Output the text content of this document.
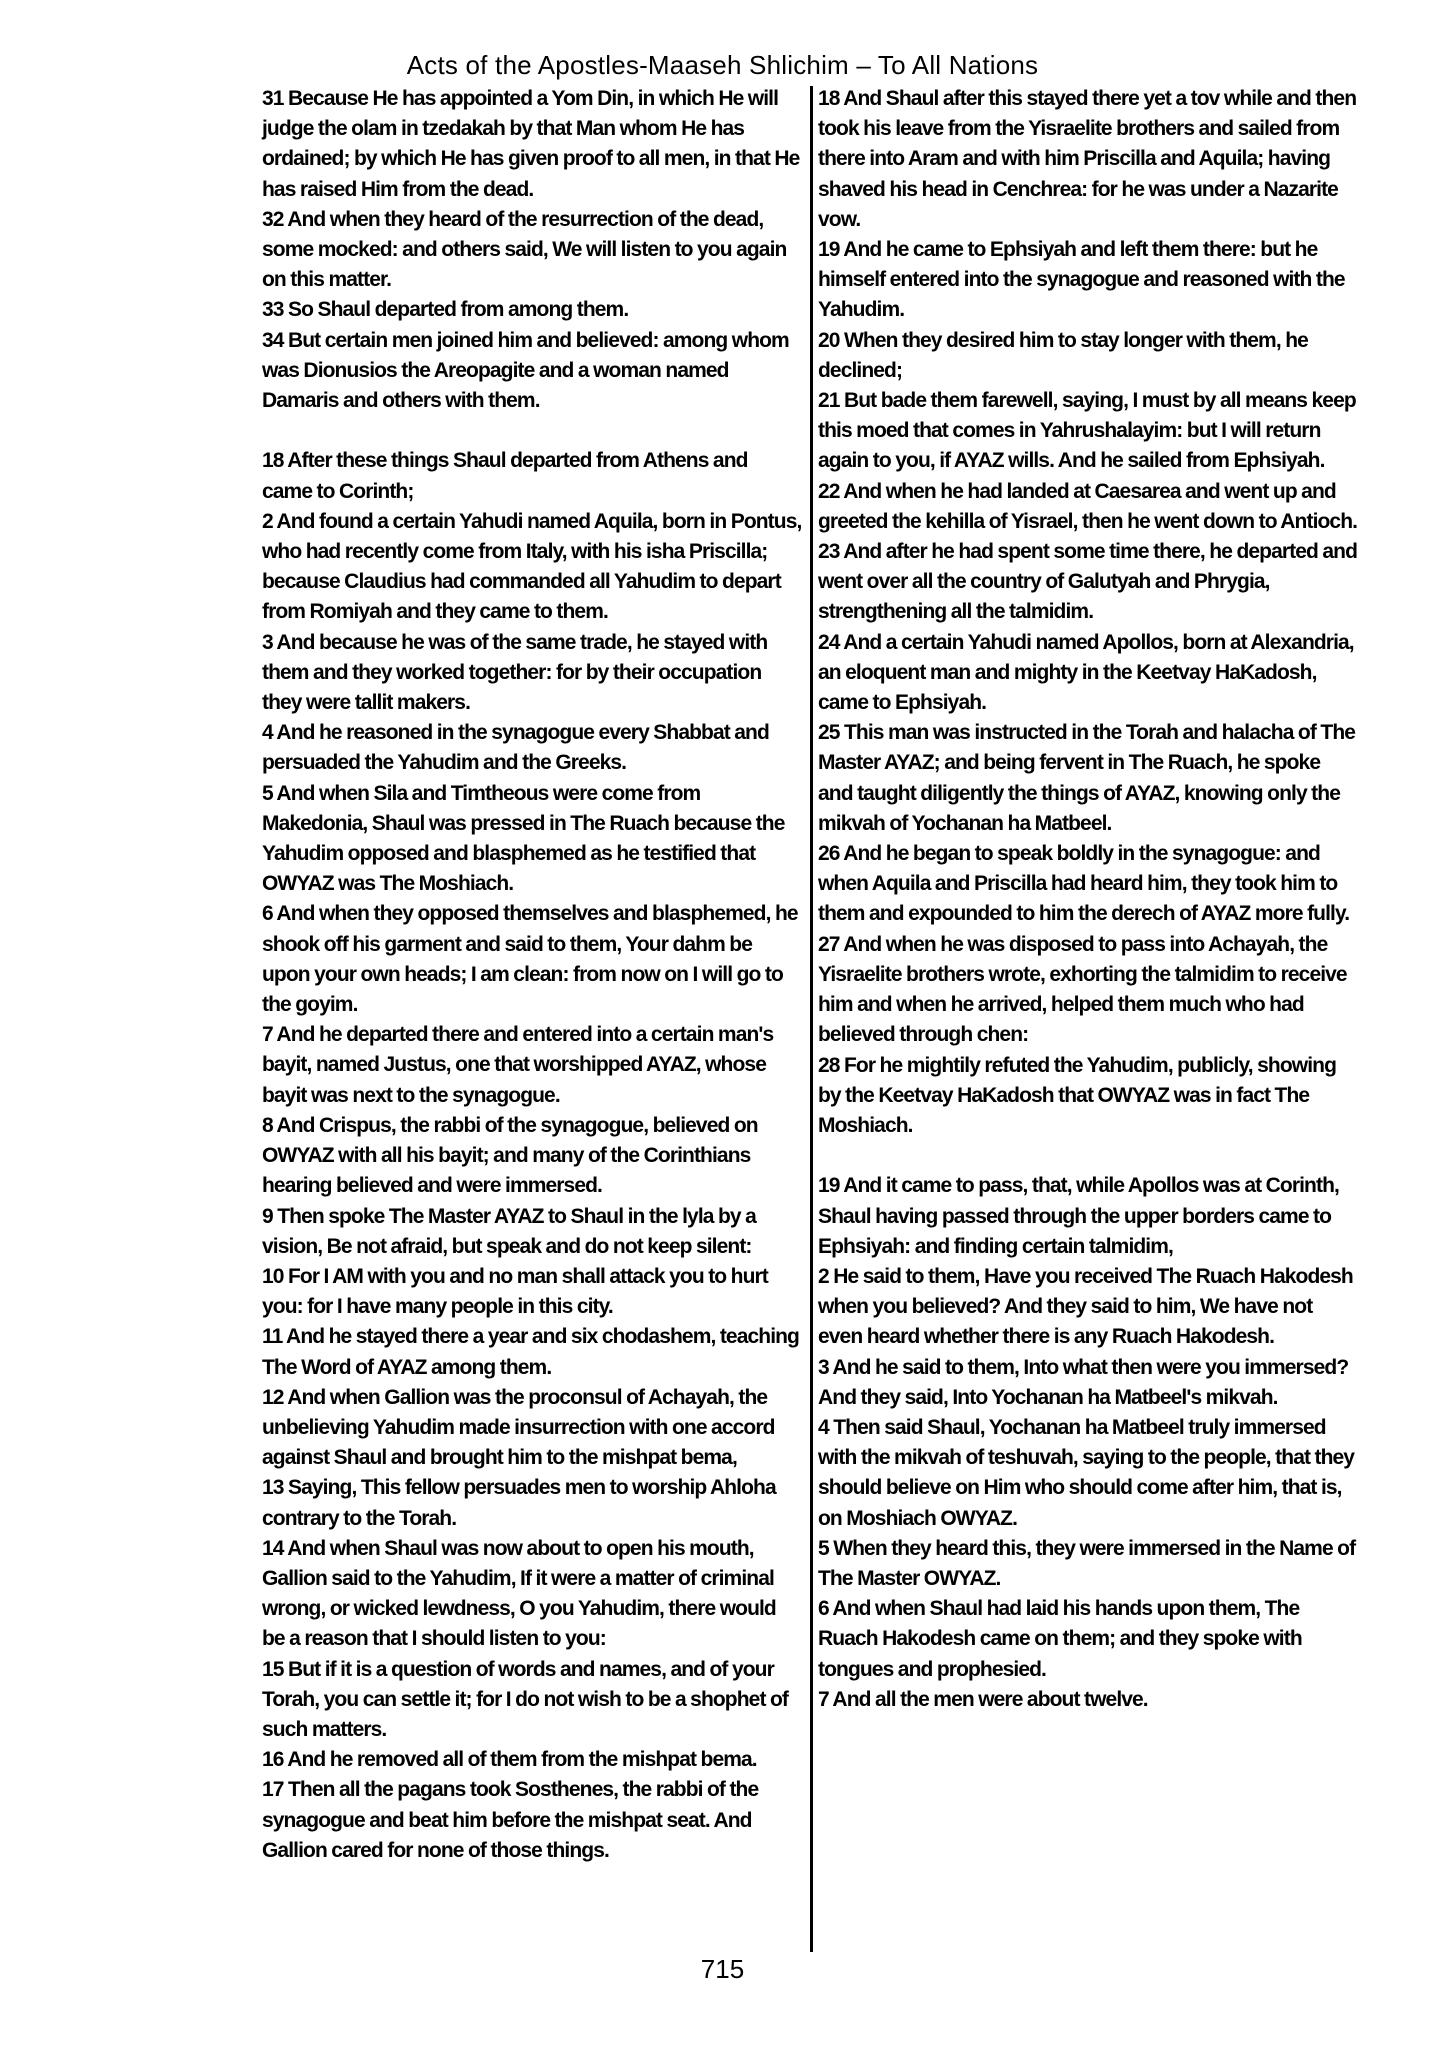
Acts of the Apostles-Maaseh Shlichim – To All Nations

31 Because He has appointed a Yom Din, in which He will judge the olam in tzedakah by that Man whom He has ordained; by which He has given proof to all men, in that He has raised Him from the dead.

32 And when they heard of the resurrection of the dead, some mocked: and others said, We will listen to you again on this matter.

33 So Shaul departed from among them.

34 But certain men joined him and believed: among whom was Dionusios the Areopagite and a woman named Damaris and others with them.

18 After these things Shaul departed from Athens and came to Corinth;

2 And found a certain Yahudi named Aquila, born in Pontus, who had recently come from Italy, with his isha Priscilla; because Claudius had commanded all Yahudim to depart from Romiyah and they came to them.

3 And because he was of the same trade, he stayed with them and they worked together: for by their occupation they were tallit makers.

4 And he reasoned in the synagogue every Shabbat and persuaded the Yahudim and the Greeks.

5 And when Sila and Timtheous were come from Makedonia, Shaul was pressed in The Ruach because the Yahudim opposed and blasphemed as he testified that OWYAZ was The Moshiach.

6 And when they opposed themselves and blasphemed, he shook off his garment and said to them, Your dahm be upon your own heads; I am clean: from now on I will go to the goyim.

7 And he departed there and entered into a certain man's bayit, named Justus, one that worshipped AYAZ, whose bayit was next to the synagogue.

8 And Crispus, the rabbi of the synagogue, believed on OWYAZ with all his bayit; and many of the Corinthians hearing believed and were immersed.

9 Then spoke The Master AYAZ to Shaul in the lyla by a vision, Be not afraid, but speak and do not keep silent:

10 For I AM with you and no man shall attack you to hurt you: for I have many people in this city.

11 And he stayed there a year and six chodashem, teaching The Word of AYAZ among them.

12 And when Gallion was the proconsul of Achayah, the unbelieving Yahudim made insurrection with one accord against Shaul and brought him to the mishpat bema,

13 Saying, This fellow persuades men to worship Ahloha contrary to the Torah.

14 And when Shaul was now about to open his mouth, Gallion said to the Yahudim, If it were a matter of criminal wrong, or wicked lewdness, O you Yahudim, there would be a reason that I should listen to you:

15 But if it is a question of words and names, and of your Torah, you can settle it; for I do not wish to be a shophet of such matters.

16 And he removed all of them from the mishpat bema.

17 Then all the pagans took Sosthenes, the rabbi of the synagogue and beat him before the mishpat seat. And Gallion cared for none of those things.

18 And Shaul after this stayed there yet a tov while and then took his leave from the Yisraelite brothers and sailed from there into Aram and with him Priscilla and Aquila; having shaved his head in Cenchrea: for he was under a Nazarite vow.

19 And he came to Ephsiyah and left them there: but he himself entered into the synagogue and reasoned with the Yahudim.

20 When they desired him to stay longer with them, he declined;

21 But bade them farewell, saying, I must by all means keep this moed that comes in Yahrushalayim: but I will return again to you, if AYAZ wills. And he sailed from Ephsiyah.

22 And when he had landed at Caesarea and went up and greeted the kehilla of Yisrael, then he went down to Antioch.

23 And after he had spent some time there, he departed and went over all the country of Galutyah and Phrygia, strengthening all the talmidim.

24 And a certain Yahudi named Apollos, born at Alexandria, an eloquent man and mighty in the Keetvay HaKadosh, came to Ephsiyah.

25 This man was instructed in the Torah and halacha of The Master AYAZ; and being fervent in The Ruach, he spoke and taught diligently the things of AYAZ, knowing only the mikvah of Yochanan ha Matbeel.

26 And he began to speak boldly in the synagogue: and when Aquila and Priscilla had heard him, they took him to them and expounded to him the derech of AYAZ more fully.

27 And when he was disposed to pass into Achayah, the Yisraelite brothers wrote, exhorting the talmidim to receive him and when he arrived, helped them much who had believed through chen:

28 For he mightily refuted the Yahudim, publicly, showing by the Keetvay HaKadosh that OWYAZ was in fact The Moshiach.

19 And it came to pass, that, while Apollos was at Corinth, Shaul having passed through the upper borders came to Ephsiyah: and finding certain talmidim,

2 He said to them, Have you received The Ruach Hakodesh when you believed? And they said to him, We have not even heard whether there is any Ruach Hakodesh.

3 And he said to them, Into what then were you immersed? And they said, Into Yochanan ha Matbeel's mikvah.

4 Then said Shaul, Yochanan ha Matbeel truly immersed with the mikvah of teshuvah, saying to the people, that they should believe on Him who should come after him, that is, on Moshiach OWYAZ.

5 When they heard this, they were immersed in the Name of The Master OWYAZ.

6 And when Shaul had laid his hands upon them, The Ruach Hakodesh came on them; and they spoke with tongues and prophesied.

7 And all the men were about twelve.

715
